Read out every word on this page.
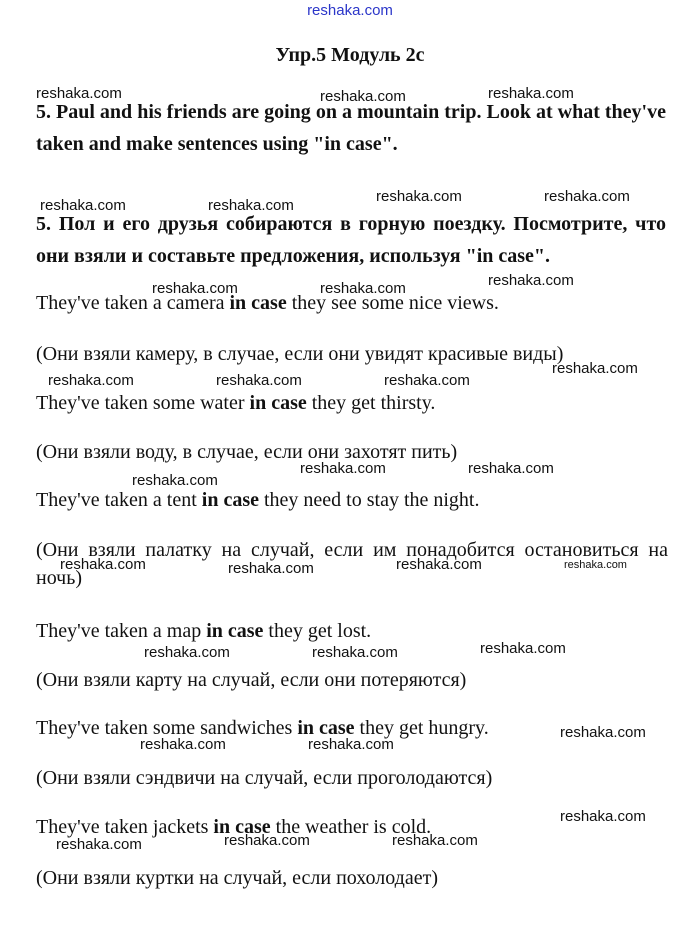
reshaka.com
Упр.5 Модуль 2с

5. Paul and his friends are going on a mountain trip. Look at what they've taken and make sentences using "in case".

5. Пол и его друзья собираются в горную поездку. Посмотрите, что они взяли и составьте предложения, используя "in case".

They've taken a camera in case they see some nice views.

(Они взяли камеру, в случае, если они увидят красивые виды)

They've taken some water in case they get thirsty.

(Они взяли воду, в случае, если они захотят пить)

They've taken a tent in case they need to stay the night.

(Они взяли палатку на случай, если им понадобится остановиться на ночь)

They've taken a map in case they get lost.

(Они взяли карту на случай, если они потеряются)

They've taken some sandwiches in case they get hungry.

(Они взяли сэндвичи на случай, если проголодаются)

They've taken jackets in case the weather is cold.

(Они взяли куртки на случай, если похолодает)

reshaka.com	reshaka.com	reshaka.com
reshaka.com	reshaka.com
reshaka.com	reshaka.com
reshaka.com	reshaka.com	reshaka.com
reshaka.com	reshaka.com	reshaka.com
reshaka.com
reshaka.com
reshaka.com	reshaka.com
reshaka.com	reshaka.com	reshaka.com	reshaka.com
reshaka.com	reshaka.com	reshaka.com
reshaka.com	reshaka.com
reshaka.com
reshaka.com	reshaka.com	reshaka.com
reshaka.com
